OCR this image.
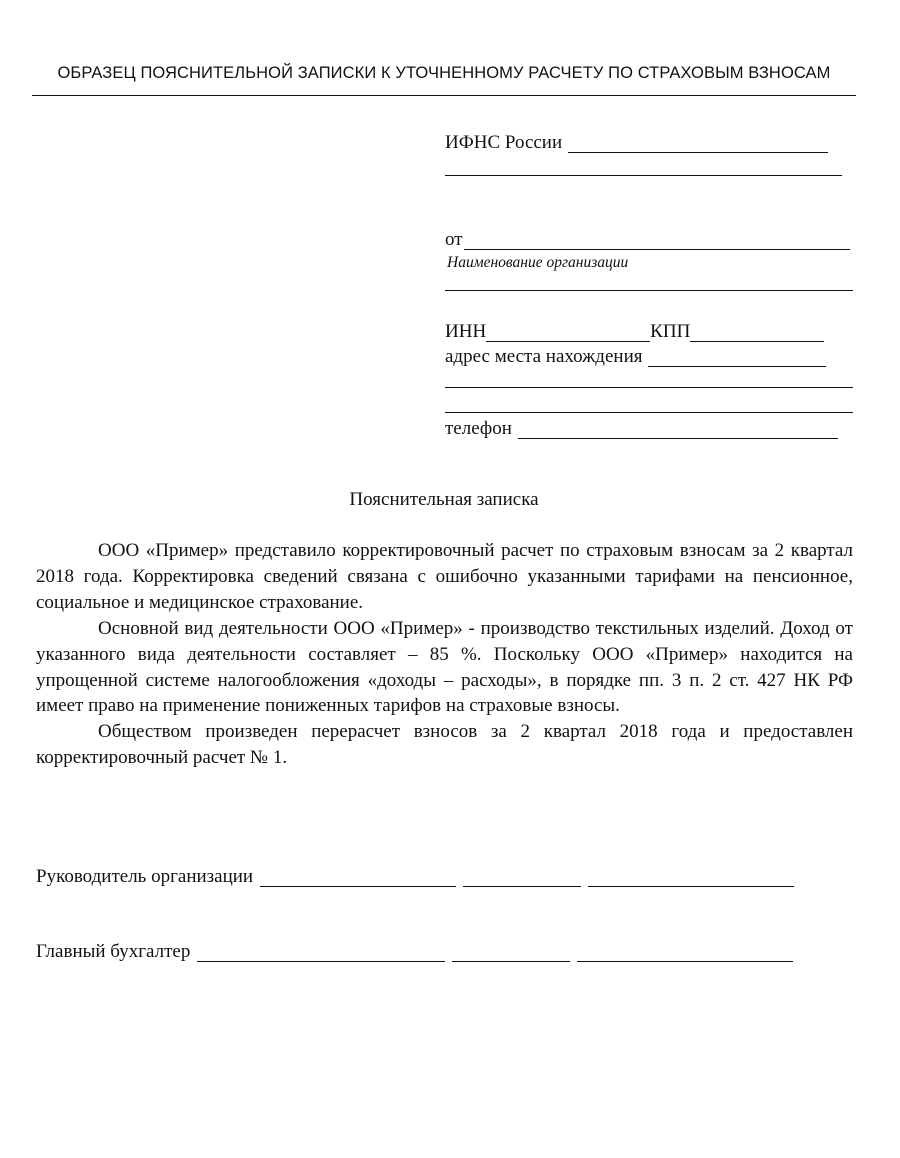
ОБРАЗЕЦ ПОЯСНИТЕЛЬНОЙ ЗАПИСКИ К УТОЧНЕННОМУ РАСЧЕТУ ПО СТРАХОВЫМ ВЗНОСАМ
ИФНС России
от
Наименование организации
ИНН	КПП
адрес места нахождения
телефон
Пояснительная записка

ООО «Пример» представило корректировочный расчет по страховым взносам за 2 квартал 2018 года. Корректировка сведений связана с ошибочно указанными тарифами на пенсионное, социальное и медицинское страхование.

Основной вид деятельности ООО «Пример» - производство текстильных изделий. Доход от указанного вида деятельности составляет – 85 %. Поскольку ООО «Пример» находится на упрощенной системе налогообложения «доходы – расходы», в порядке пп. 3 п. 2 ст. 427 НК РФ имеет право на применение пониженных тарифов на страховые взносы.

Обществом произведен перерасчет взносов за 2 квартал 2018 года и предоставлен корректировочный расчет № 1.

Руководитель организации
Главный бухгалтер
